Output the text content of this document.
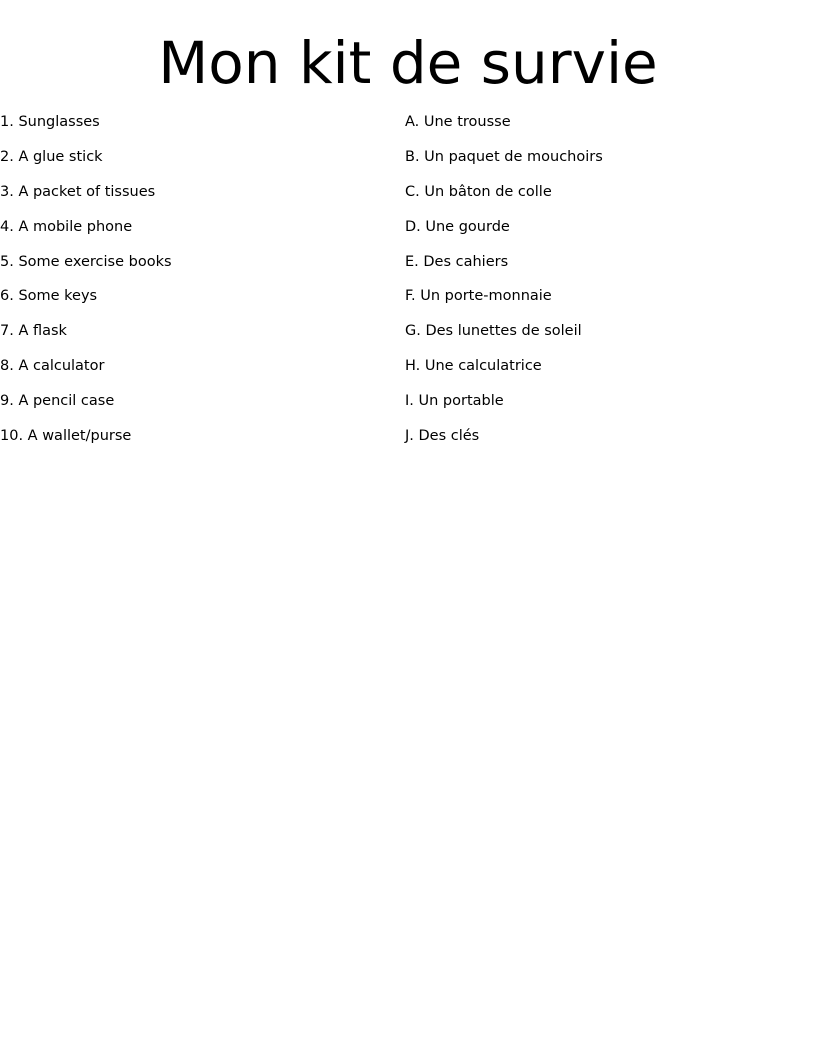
Mon kit de survie
1. Sunglasses
2. A glue stick
3. A packet of tissues
4. A mobile phone
5. Some exercise books
6. Some keys
7. A flask
8. A calculator
9. A pencil case
10. A wallet/purse
A. Une trousse
B. Un paquet de mouchoirs
C. Un bâton de colle
D. Une gourde
E. Des cahiers
F. Un porte-monnaie
G. Des lunettes de soleil
H. Une calculatrice
I. Un portable
J. Des clés
